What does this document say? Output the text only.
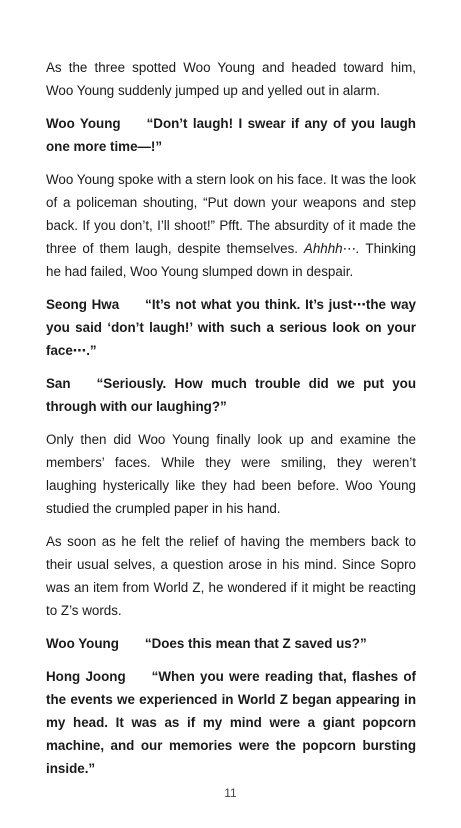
As the three spotted Woo Young and headed toward him, Woo Young suddenly jumped up and yelled out in alarm.

Woo Young “Don’t laugh! I swear if any of you laugh one more time—!”

Woo Young spoke with a stern look on his face. It was the look of a policeman shouting, “Put down your weapons and step back. If you don’t, I’ll shoot!” Pfft. The absurdity of it made the three of them laugh, despite themselves. Ahhhh⋯. Thinking he had failed, Woo Young slumped down in despair.

Seong Hwa “It’s not what you think. It’s just⋯the way you said ‘don’t laugh!’ with such a serious look on your face⋯.”

San “Seriously. How much trouble did we put you through with our laughing?”

Only then did Woo Young finally look up and examine the members’ faces. While they were smiling, they weren’t laughing hysterically like they had been before. Woo Young studied the crumpled paper in his hand.

As soon as he felt the relief of having the members back to their usual selves, a question arose in his mind. Since Sopro was an item from World Z, he wondered if it might be reacting to Z’s words.

Woo Young “Does this mean that Z saved us?”

Hong Joong “When you were reading that, flashes of the events we experienced in World Z began appearing in my head. It was as if my mind were a giant popcorn machine, and our memories were the popcorn bursting inside.”

11
